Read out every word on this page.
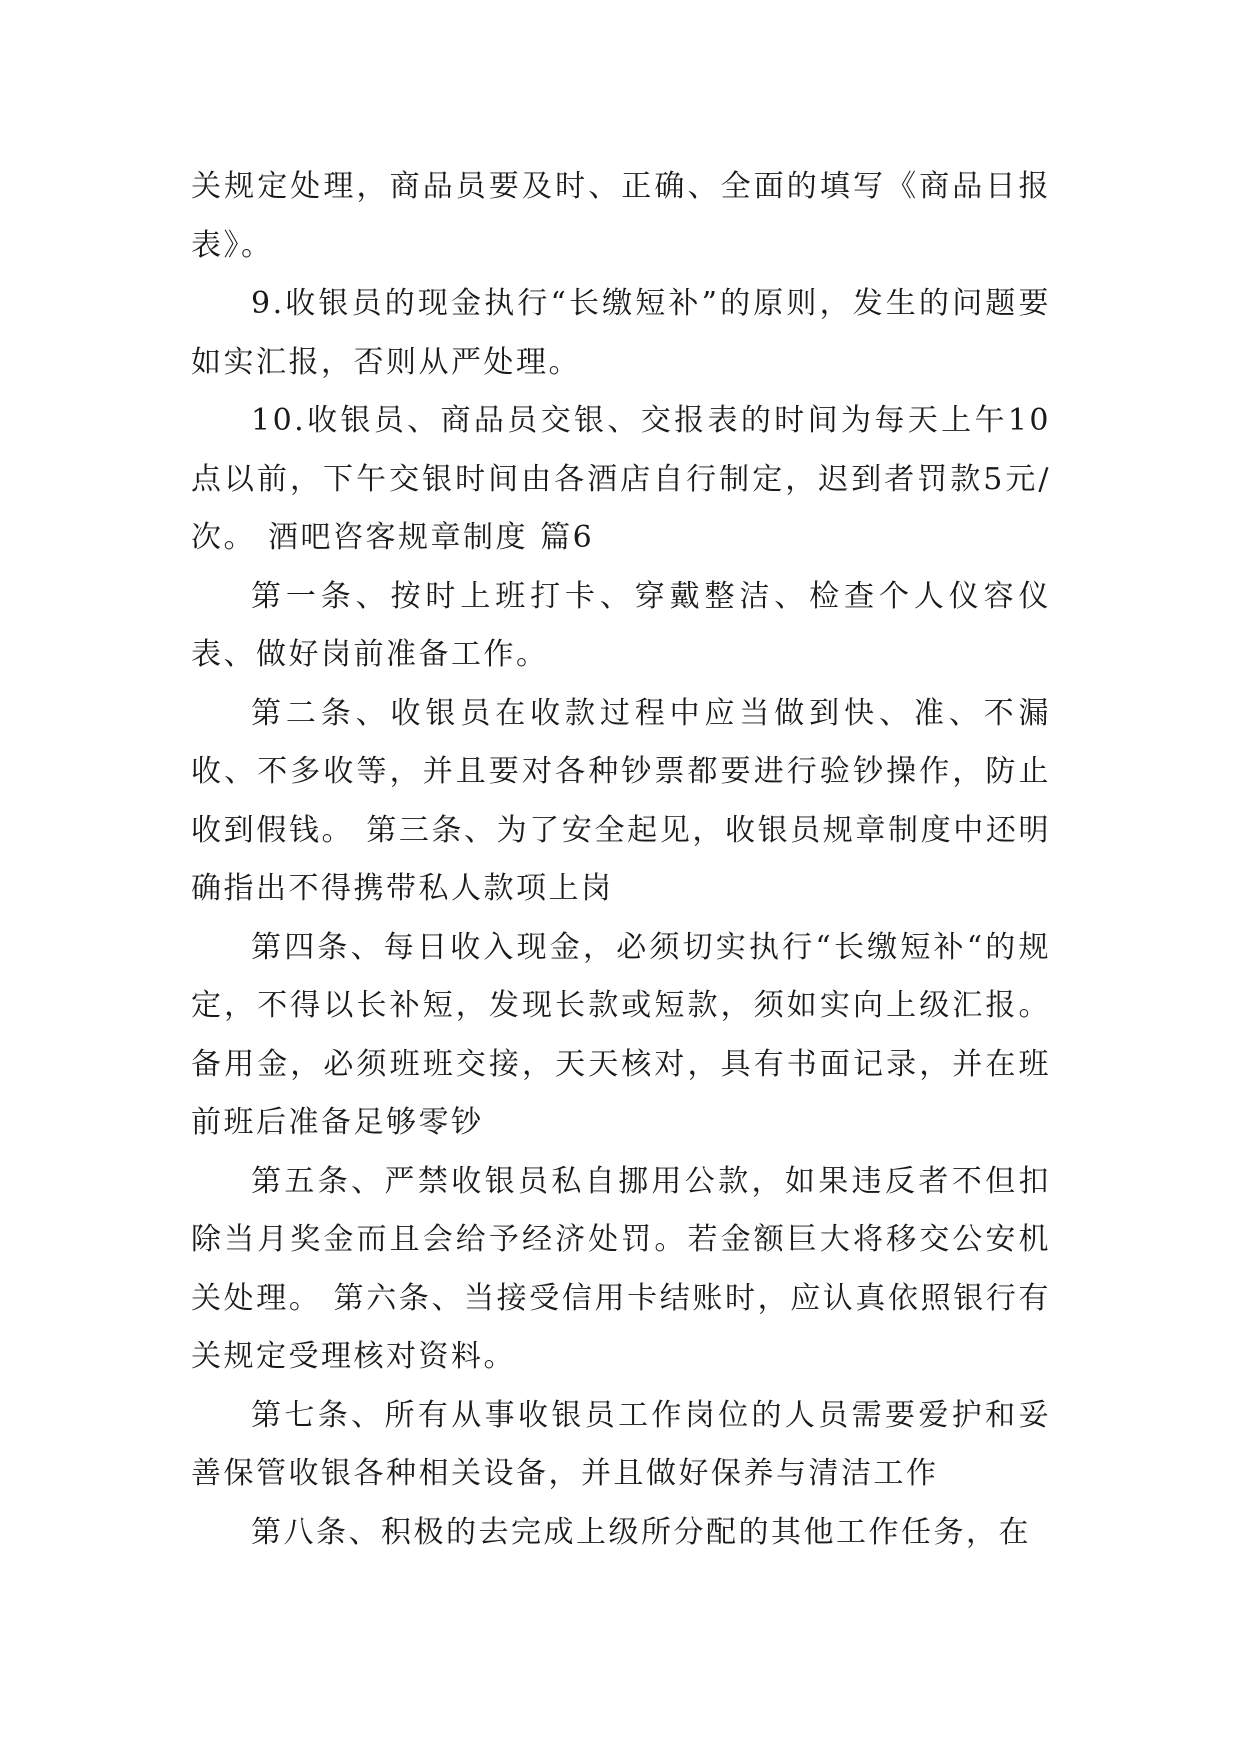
关规定处理，商品员要及时、正确、全面的填写《商品日报表》。

9.收银员的现金执行“长缴短补”的原则，发生的问题要如实汇报，否则从严处理。

10.收银员、商品员交银、交报表的时间为每天上午10点以前，下午交银时间由各酒店自行制定，迟到者罚款5元/次。 酒吧咨客规章制度 篇6

第一条、按时上班打卡、穿戴整洁、检查个人仪容仪表、做好岗前准备工作。

第二条、收银员在收款过程中应当做到快、准、不漏收、不多收等，并且要对各种钞票都要进行验钞操作，防止收到假钱。 第三条、为了安全起见，收银员规章制度中还明确指出不得携带私人款项上岗

第四条、每日收入现金，必须切实执行“长缴短补“的规定，不得以长补短，发现长款或短款，须如实向上级汇报。备用金，必须班班交接，天天核对，具有书面记录，并在班前班后准备足够零钞

第五条、严禁收银员私自挪用公款，如果违反者不但扣除当月奖金而且会给予经济处罚。若金额巨大将移交公安机关处理。 第六条、当接受信用卡结账时，应认真依照银行有关规定受理核对资料。

第七条、所有从事收银员工作岗位的人员需要爱护和妥善保管收银各种相关设备，并且做好保养与清洁工作

第八条、积极的去完成上级所分配的其他工作任务，在
